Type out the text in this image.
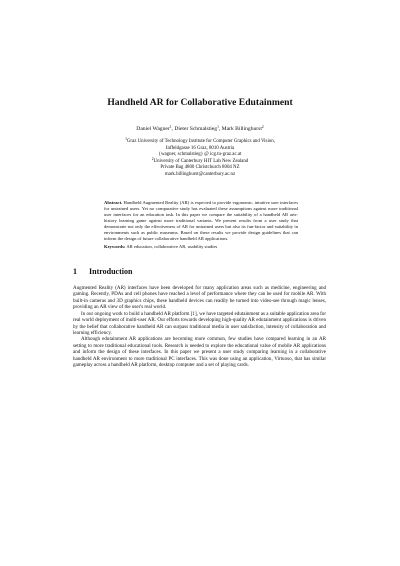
Handheld AR for Collaborative Edutainment
Daniel Wagner$^1$, Dieter Schmalstieg$^1$, Mark Billinghurst$^2$
$^1$Graz University of Technology Institute for Computer Graphics and Vision,
Inffeldgasse 16 Graz, 8010 Austria
{wagner, schmalstieg} @ icg.tu-graz.ac.at
$^2$University of Canterbury HIT Lab New Zealand
Private Bag 4800 Christchurch 8004 NZ
mark.billinghurst@canterbury.ac.nz
Abstract. Handheld Augmented Reality (AR) is expected to provide ergonomic, intuitive user interfaces for untrained users. Yet no comparative study has evaluated these assumptions against more traditional user interfaces for an education task. In this paper we compare the suitability of a handheld AR arts-history learning game against more traditional variants. We present results from a user study that demonstrate not only the effectiveness of AR for untrained users but also its fun-factor and suitability in environments such as public museums. Based on these results we provide design guidelines that can inform the design of future collaborative handheld AR applications.
Keywords: AR education, collaborative AR, usability studies
1 Introduction

Augmented Reality (AR) interfaces have been developed for many application areas such as medicine, engineering and gaming. Recently, PDAs and cell phones have reached a level of performance where they can be used for mobile AR. With built-in cameras and 3D graphics chips, these handheld devices can readily be turned into video-see through magic lenses, providing an AR view of the user's real world.

In our ongoing work to build a handheld AR platform [1], we have targeted edutainment as a suitable application area for real world deployment of multi-user AR. Our efforts towards developing high-quality AR edutainment applications is driven by the belief that collaborative handheld AR can surpass traditional media in user satisfaction, intensity of collaboration and learning efficiency.

Although edutainment AR applications are becoming more common, few studies have compared learning in an AR setting to more traditional educational tools. Research is needed to explore the educational value of mobile AR applications and inform the design of these interfaces. In this paper we present a user study comparing learning in a collaborative handheld AR environment to more traditional PC interfaces. This was done using an application, Virtuoso, that has similar gameplay across a handheld AR platform, desktop computer and a set of playing cards.
